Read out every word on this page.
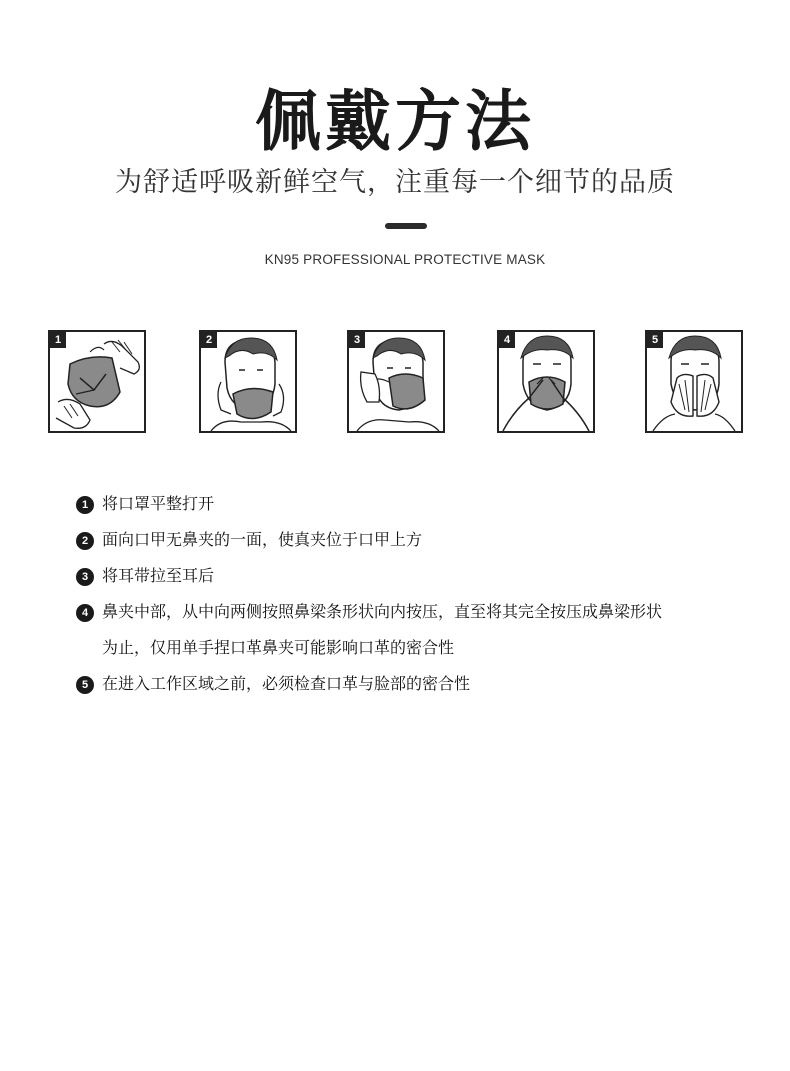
佩戴方法
为舒适呼吸新鲜空气，注重每一个细节的品质
KN95 PROFESSIONAL PROTECTIVE MASK
1	2	3	4	5
1 将口罩平整打开
2 面向口甲无鼻夹的一面，使真夹位于口甲上方
3 将耳带拉至耳后
4 鼻夹中部，从中向两侧按照鼻梁条形状向内按压，直至将其完全按压成鼻梁形状
为止，仅用单手捏口革鼻夹可能影响口革的密合性
5 在进入工作区域之前，必须检查口革与脸部的密合性
